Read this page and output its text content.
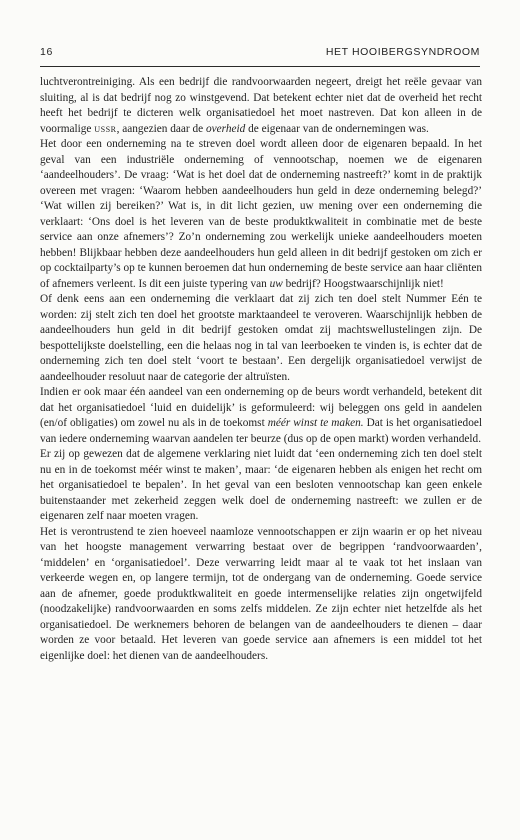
16	HET HOOIBERGSYNDROOM

luchtverontreiniging. Als een bedrijf die randvoorwaarden negeert, dreigt het reële gevaar van sluiting, al is dat bedrijf nog zo winstgevend. Dat betekent echter niet dat de overheid het recht heeft het bedrijf te dicteren welk organisatiedoel het moet nastreven. Dat kon alleen in de voormalige USSR, aangezien daar de overheid de eigenaar van de ondernemingen was.

Het door een onderneming na te streven doel wordt alleen door de eigenaren bepaald. In het geval van een industriële onderneming of vennootschap, noemen we de eigenaren ‘aandeelhouders’. De vraag: ‘Wat is het doel dat de onderneming nastreeft?’ komt in de praktijk overeen met vragen: ‘Waarom hebben aandeelhouders hun geld in deze onderneming belegd?’ ‘Wat willen zij bereiken?’ Wat is, in dit licht gezien, uw mening over een onderneming die verklaart: ‘Ons doel is het leveren van de beste produktkwaliteit in combinatie met de beste service aan onze afnemers’? Zo’n onderneming zou werkelijk unieke aandeelhouders moeten hebben! Blijkbaar hebben deze aandeelhouders hun geld alleen in dit bedrijf gestoken om zich er op cocktailparty’s op te kunnen beroemen dat hun onderneming de beste service aan haar cliënten of afnemers verleent. Is dit een juiste typering van uw bedrijf? Hoogstwaarschijnlijk niet!

Of denk eens aan een onderneming die verklaart dat zij zich ten doel stelt Nummer Eén te worden: zij stelt zich ten doel het grootste marktaandeel te veroveren. Waarschijnlijk hebben de aandeelhouders hun geld in dit bedrijf gestoken omdat zij machtswellustelingen zijn. De bespottelijkste doelstelling, een die helaas nog in tal van leerboeken te vinden is, is echter dat de onderneming zich ten doel stelt ‘voort te bestaan’. Een dergelijk organisatiedoel verwijst de aandeelhouder resoluut naar de categorie der altruïsten.

Indien er ook maar één aandeel van een onderneming op de beurs wordt verhandeld, betekent dit dat het organisatiedoel ‘luid en duidelijk’ is geformuleerd: wij beleggen ons geld in aandelen (en/of obligaties) om zowel nu als in de toekomst méér winst te maken. Dat is het organisatiedoel van iedere onderneming waarvan aandelen ter beurze (dus op de open markt) worden verhandeld.

Er zij op gewezen dat de algemene verklaring niet luidt dat ‘een onderneming zich ten doel stelt nu en in de toekomst méér winst te maken’, maar: ‘de eigenaren hebben als enigen het recht om het organisatiedoel te bepalen’. In het geval van een besloten vennootschap kan geen enkele buitenstaander met zekerheid zeggen welk doel de onderneming nastreeft: we zullen er de eigenaren zelf naar moeten vragen.

Het is verontrustend te zien hoeveel naamloze vennootschappen er zijn waarin er op het niveau van het hoogste management verwarring bestaat over de begrippen ‘randvoorwaarden’, ‘middelen’ en ‘organisatiedoel’. Deze verwarring leidt maar al te vaak tot het inslaan van verkeerde wegen en, op langere termijn, tot de ondergang van de onderneming. Goede service aan de afnemer, goede produktkwaliteit en goede intermenselijke relaties zijn ongetwijfeld (noodzakelijke) randvoorwaarden en soms zelfs middelen. Ze zijn echter niet hetzelfde als het organisatiedoel. De werknemers behoren de belangen van de aandeelhouders te dienen – daar worden ze voor betaald. Het leveren van goede service aan afnemers is een middel tot het eigenlijke doel: het dienen van de aandeelhouders.
